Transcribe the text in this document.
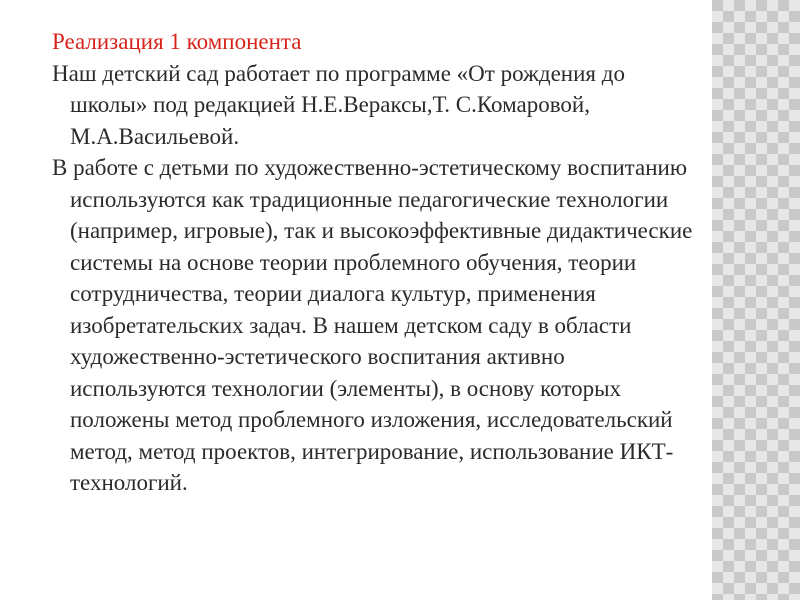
Реализация 1 компонента

Наш детский сад работает по программе «От рождения до школы» под редакцией Н.Е.Вераксы,Т. С.Комаровой, М.А.Васильевой.

В работе с детьми по художественно-эстетическому воспитанию используются как традиционные педагогические технологии (например, игровые), так и высокоэффективные дидактические системы на основе теории проблемного обучения, теории сотрудничества, теории диалога культур, применения изобретательских задач. В нашем детском саду в области художественно-эстетического воспитания активно используются технологии (элементы), в основу которых положены метод проблемного изложения, исследовательский метод, метод проектов, интегрирование, использование ИКТ-технологий.
